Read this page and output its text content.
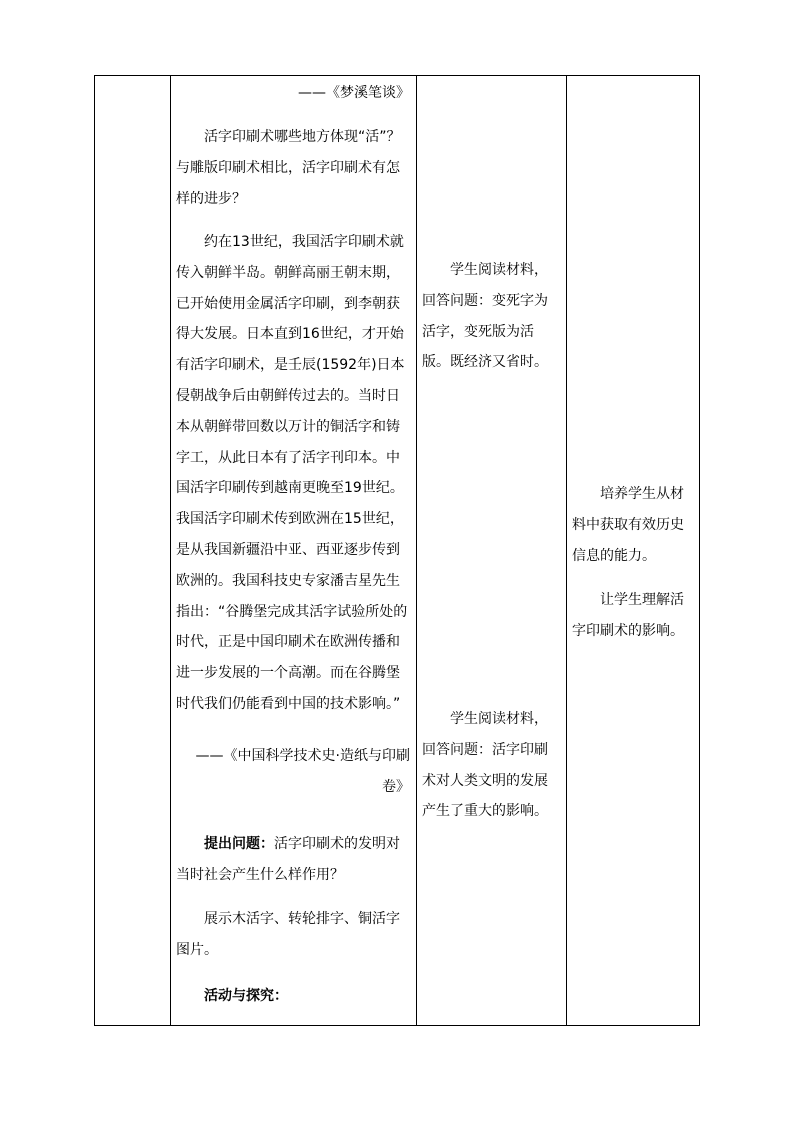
——《梦溪笔谈》

活字印刷术哪些地方体现“活”？与雕版印刷术相比，活字印刷术有怎样的进步？

约在13世纪，我国活字印刷术就传入朝鲜半岛。朝鲜高丽王朝末期，已开始使用金属活字印刷，到李朝获得大发展。日本直到16世纪，才开始有活字印刷术，是壬辰(1592年)日本侵朝战争后由朝鲜传过去的。当时日本从朝鲜带回数以万计的铜活字和铸字工，从此日本有了活字刊印本。中国活字印刷传到越南更晚至19世纪。我国活字印刷术传到欧洲在15世纪，是从我国新疆沿中亚、西亚逐步传到欧洲的。我国科技史专家潘吉星先生指出：“谷腾堡完成其活字试验所处的时代，正是中国印刷术在欧洲传播和进一步发展的一个高潮。而在谷腾堡时代我们仍能看到中国的技术影响。”

——《中国科学技术史·造纸与印刷卷》

提出问题：活字印刷术的发明对当时社会产生什么样作用？

展示木活字、转轮排字、铜活字图片。

活动与探究：

学生阅读材料，回答问题：变死字为活字，变死版为活版。既经济又省时。

学生阅读材料，回答问题：活字印刷术对人类文明的发展产生了重大的影响。

培养学生从材料中获取有效历史信息的能力。

让学生理解活字印刷术的影响。
